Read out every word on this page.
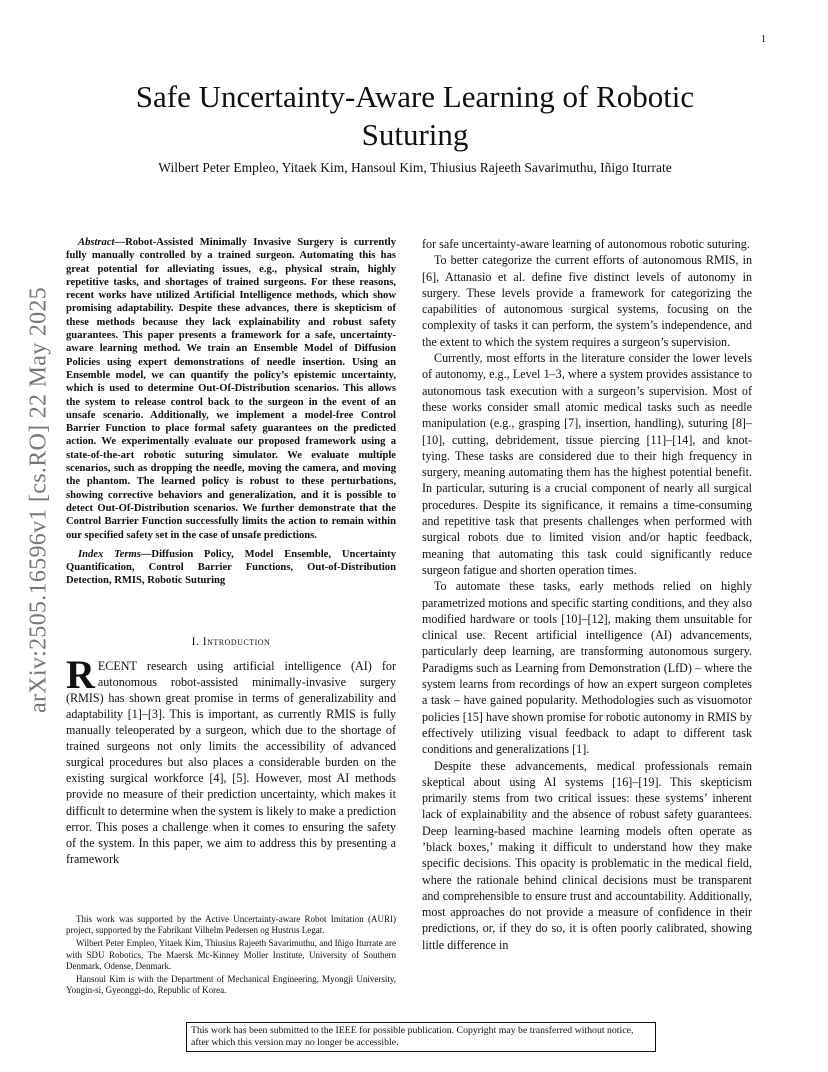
1
arXiv:2505.16596v1 [cs.RO] 22 May 2025
Safe Uncertainty-Aware Learning of Robotic Suturing

Wilbert Peter Empleo, Yitaek Kim, Hansoul Kim, Thiusius Rajeeth Savarimuthu, Iñigo Iturrate

Abstract—Robot-Assisted Minimally Invasive Surgery is currently fully manually controlled by a trained surgeon. Automating this has great potential for alleviating issues, e.g., physical strain, highly repetitive tasks, and shortages of trained surgeons. For these reasons, recent works have utilized Artificial Intelligence methods, which show promising adaptability. Despite these advances, there is skepticism of these methods because they lack explainability and robust safety guarantees. This paper presents a framework for a safe, uncertainty-aware learning method. We train an Ensemble Model of Diffusion Policies using expert demonstrations of needle insertion. Using an Ensemble model, we can quantify the policy’s epistemic uncertainty, which is used to determine Out-Of-Distribution scenarios. This allows the system to release control back to the surgeon in the event of an unsafe scenario. Additionally, we implement a model-free Control Barrier Function to place formal safety guarantees on the predicted action. We experimentally evaluate our proposed framework using a state-of-the-art robotic suturing simulator. We evaluate multiple scenarios, such as dropping the needle, moving the camera, and moving the phantom. The learned policy is robust to these perturbations, showing corrective behaviors and generalization, and it is possible to detect Out-Of-Distribution scenarios. We further demonstrate that the Control Barrier Function successfully limits the action to remain within our specified safety set in the case of unsafe predictions.

Index Terms—Diffusion Policy, Model Ensemble, Uncertainty Quantification, Control Barrier Functions, Out-of-Distribution Detection, RMIS, Robotic Suturing

I. Introduction

RECENT research using artificial intelligence (AI) for autonomous robot-assisted minimally-invasive surgery (RMIS) has shown great promise in terms of generalizability and adaptability [1]–[3]. This is important, as currently RMIS is fully manually teleoperated by a surgeon, which due to the shortage of trained surgeons not only limits the accessibility of advanced surgical procedures but also places a considerable burden on the existing surgical workforce [4], [5]. However, most AI methods provide no measure of their prediction uncertainty, which makes it difficult to determine when the system is likely to make a prediction error. This poses a challenge when it comes to ensuring the safety of the system. In this paper, we aim to address this by presenting a framework

This work was supported by the Active Uncertainty-aware Robot Imitation (AURI) project, supported by the Fabrikant Vilhelm Pedersen og Hustrus Legat.

Wilbert Peter Empleo, Yitaek Kim, Thiusius Rajeeth Savarimuthu, and Iñigo Iturrate are with SDU Robotics, The Maersk Mc-Kinney Moller Institute, University of Southern Denmark, Odense, Denmark.

Hansoul Kim is with the Department of Mechanical Engineering, Myongji University, Yongin-si, Gyeonggi-do, Republic of Korea.

for safe uncertainty-aware learning of autonomous robotic suturing.

To better categorize the current efforts of autonomous RMIS, in [6], Attanasio et al. define five distinct levels of autonomy in surgery. These levels provide a framework for categorizing the capabilities of autonomous surgical systems, focusing on the complexity of tasks it can perform, the system’s independence, and the extent to which the system requires a surgeon’s supervision.

Currently, most efforts in the literature consider the lower levels of autonomy, e.g., Level 1–3, where a system provides assistance to autonomous task execution with a surgeon’s supervision. Most of these works consider small atomic medical tasks such as needle manipulation (e.g., grasping [7], insertion, handling), suturing [8]–[10], cutting, debridement, tissue piercing [11]–[14], and knot-tying. These tasks are considered due to their high frequency in surgery, meaning automating them has the highest potential benefit. In particular, suturing is a crucial component of nearly all surgical procedures. Despite its significance, it remains a time-consuming and repetitive task that presents challenges when performed with surgical robots due to limited vision and/or haptic feedback, meaning that automating this task could significantly reduce surgeon fatigue and shorten operation times.

To automate these tasks, early methods relied on highly parametrized motions and specific starting conditions, and they also modified hardware or tools [10]–[12], making them unsuitable for clinical use. Recent artificial intelligence (AI) advancements, particularly deep learning, are transforming autonomous surgery. Paradigms such as Learning from Demonstration (LfD) – where the system learns from recordings of how an expert surgeon completes a task – have gained popularity. Methodologies such as visuomotor policies [15] have shown promise for robotic autonomy in RMIS by effectively utilizing visual feedback to adapt to different task conditions and generalizations [1].

Despite these advancements, medical professionals remain skeptical about using AI systems [16]–[19]. This skepticism primarily stems from two critical issues: these systems’ inherent lack of explainability and the absence of robust safety guarantees. Deep learning-based machine learning models often operate as ’black boxes,’ making it difficult to understand how they make specific decisions. This opacity is problematic in the medical field, where the rationale behind clinical decisions must be transparent and comprehensible to ensure trust and accountability. Additionally, most approaches do not provide a measure of confidence in their predictions, or, if they do so, it is often poorly calibrated, showing little difference in

This work has been submitted to the IEEE for possible publication. Copyright may be transferred without notice, after which this version may no longer be accessible.
